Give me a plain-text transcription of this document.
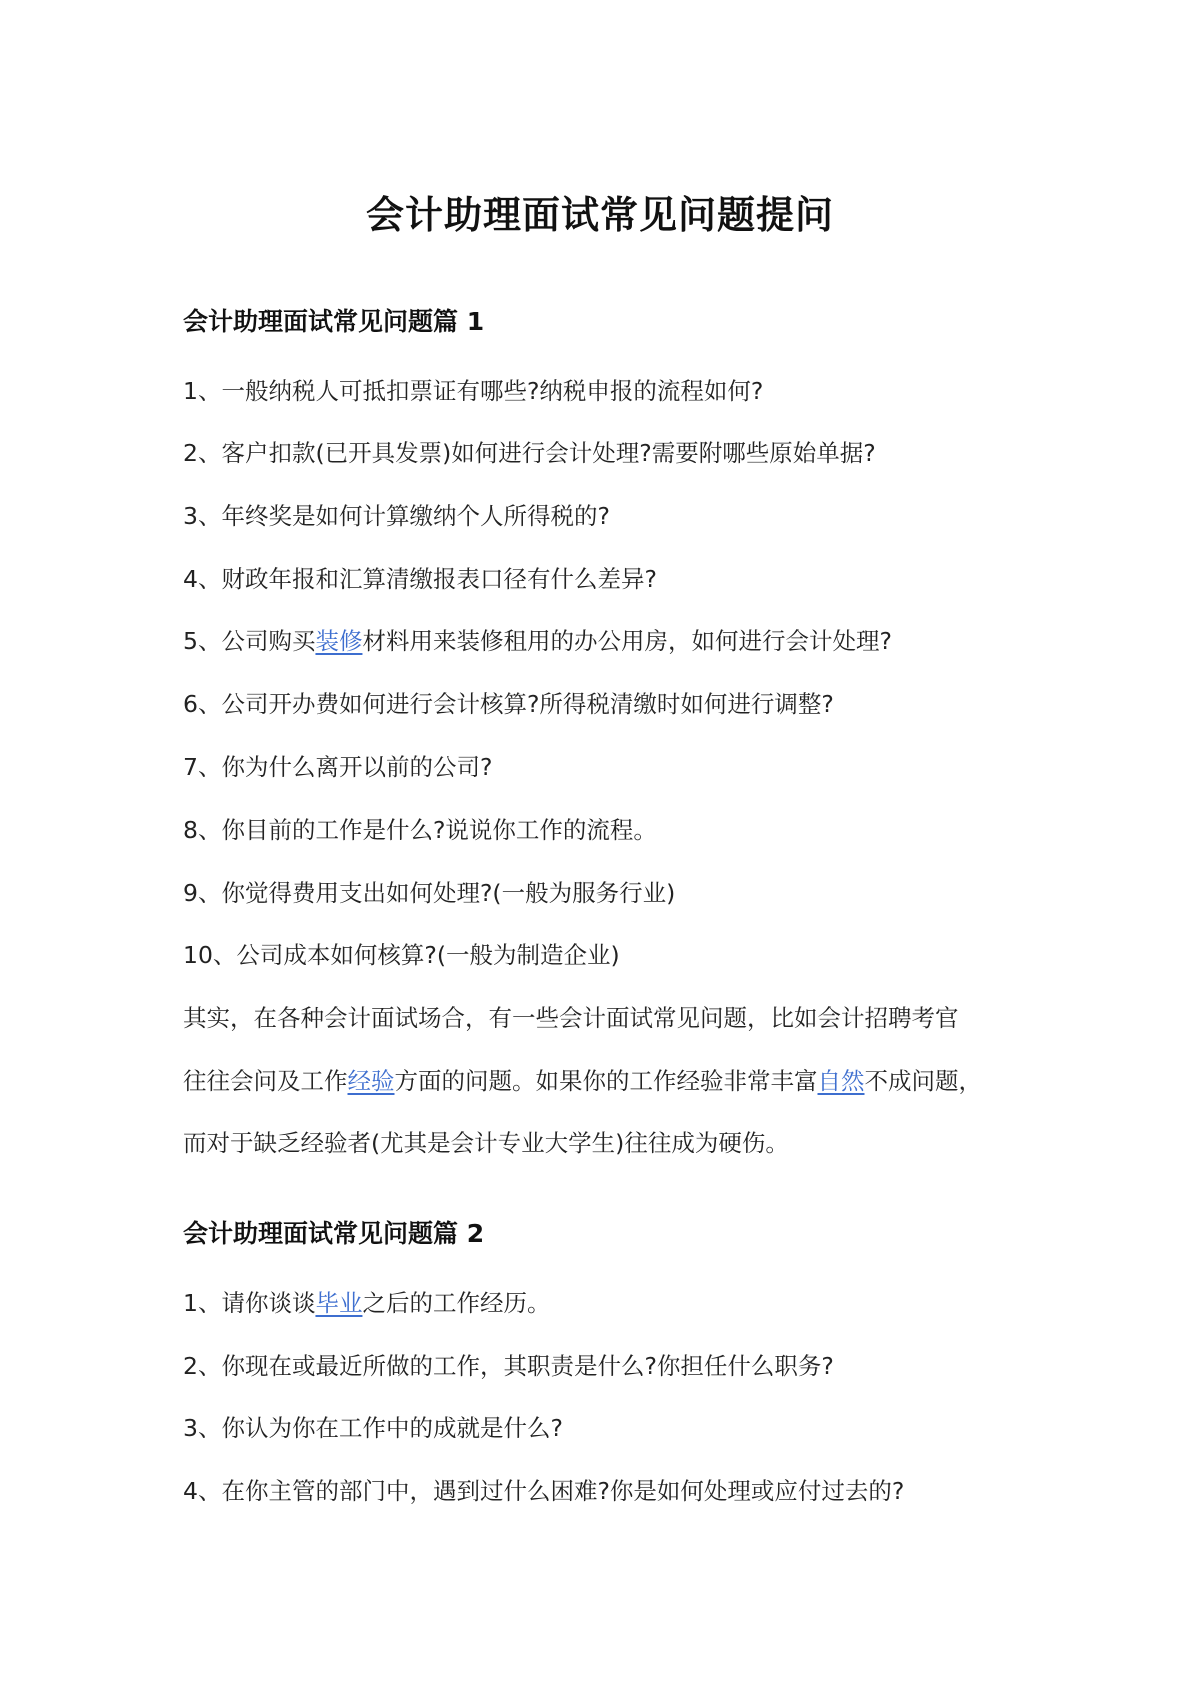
会计助理面试常见问题提问
会计助理面试常见问题篇 1
1、一般纳税人可抵扣票证有哪些?纳税申报的流程如何?
2、客户扣款(已开具发票)如何进行会计处理?需要附哪些原始单据?
3、年终奖是如何计算缴纳个人所得税的?
4、财政年报和汇算清缴报表口径有什么差异?
5、公司购买装修材料用来装修租用的办公用房，如何进行会计处理?
6、公司开办费如何进行会计核算?所得税清缴时如何进行调整?
7、你为什么离开以前的公司?
8、你目前的工作是什么?说说你工作的流程。
9、你觉得费用支出如何处理?(一般为服务行业)
10、公司成本如何核算?(一般为制造企业)
其实，在各种会计面试场合，有一些会计面试常见问题，比如会计招聘考官
往往会问及工作经验方面的问题。如果你的工作经验非常丰富自然不成问题，
而对于缺乏经验者(尤其是会计专业大学生)往往成为硬伤。
会计助理面试常见问题篇 2
1、请你谈谈毕业之后的工作经历。
2、你现在或最近所做的工作，其职责是什么?你担任什么职务?
3、你认为你在工作中的成就是什么?
4、在你主管的部门中，遇到过什么困难?你是如何处理或应付过去的?
